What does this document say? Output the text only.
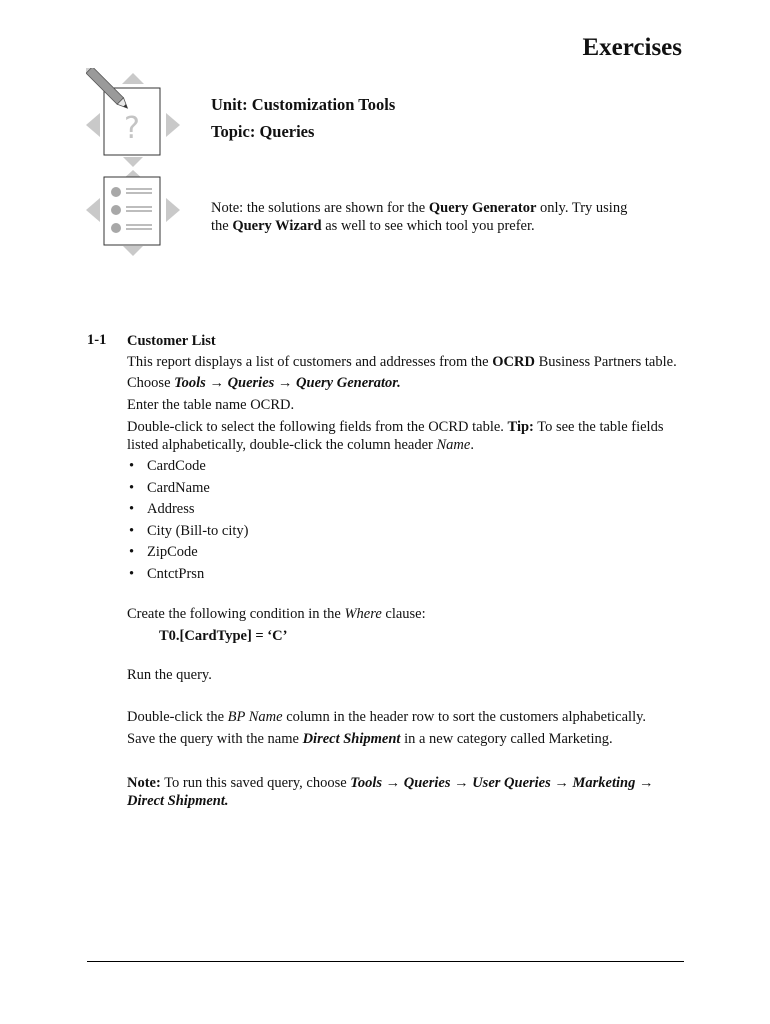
Exercises
?
Unit: Customization Tools
Topic: Queries
Note: the solutions are shown for the Query Generator only. Try using the Query Wizard as well to see which tool you prefer.
1-1 Customer List

This report displays a list of customers and addresses from the OCRD Business Partners table.

Choose Tools → Queries → Query Generator.

Enter the table name OCRD.

Double-click to select the following fields from the OCRD table. Tip: To see the table fields listed alphabetically, double-click the column header Name.

• CardCode
• CardName
• Address
• City (Bill-to city)
• ZipCode
• CntctPrsn

Create the following condition in the Where clause:

T0.[CardType] = ‘C’

Run the query.

Double-click the BP Name column in the header row to sort the customers alphabetically.

Save the query with the name Direct Shipment in a new category called Marketing.

Note: To run this saved query, choose Tools → Queries → User Queries → Marketing → Direct Shipment.
